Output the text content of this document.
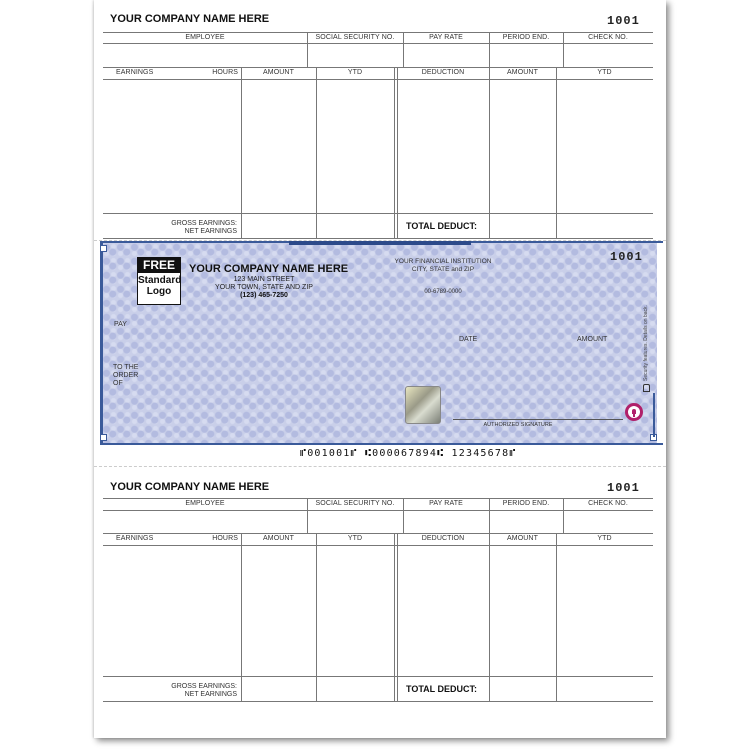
YOUR COMPANY NAME HERE	1001
EMPLOYEE	SOCIAL SECURITY NO.	PAY RATE	PERIOD END.	CHECK NO.
EARNINGS	HOURS	AMOUNT	YTD	DEDUCTION	AMOUNT	YTD
GROSS EARNINGS:
NET EARNINGS
TOTAL DEDUCT:
FREE
Standard
Logo
YOUR COMPANY NAME HERE
123 MAIN STREET
YOUR TOWN, STATE AND ZIP
(123) 465-7250
YOUR FINANCIAL INSTITUTION
CITY, STATE and ZIP
00-6789-0000
1001
PAY
TO THE
ORDER
OF
DATE	AMOUNT
AUTHORIZED SIGNATURE
Security features. Details on back.
⑈001001⑈ ⑆000067894⑆ 12345678⑈
YOUR COMPANY NAME HERE	1001
EMPLOYEE	SOCIAL SECURITY NO.	PAY RATE	PERIOD END.	CHECK NO.
EARNINGS	HOURS	AMOUNT	YTD	DEDUCTION	AMOUNT	YTD
GROSS EARNINGS:
NET EARNINGS
TOTAL DEDUCT:
